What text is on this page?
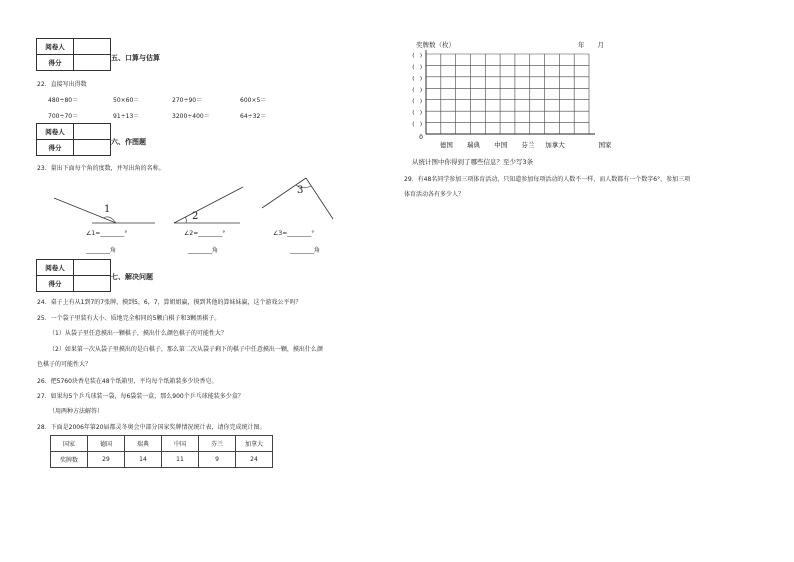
阅卷人	
得分	
五、口算与估算
22．直接写出得数
480÷80＝	50×60＝	270÷90＝	600×5＝
700÷70＝	91÷13＝	3200÷400＝	64÷32＝
阅卷人	
得分	
六、作图题
23．量出下面每个角的度数，并写出角的名称。
1
2
3
∠1=________°	∠2=________°	∠3=________°
________角	________角	________角
阅卷人	
得分	
七、解决问题
24．桌子上有从1到7的7张牌，摸到5，6，7，算姐姐赢，摸到其他的算妹妹赢，这个游戏公平吗？
25．一个袋子里装有大小、质地完全相同的5颗白棋子和3颗黑棋子。
（1）从袋子里任意摸出一颗棋子，摸出什么颜色棋子的可能性大？
（2）如果第一次从袋子里摸出的是白棋子，那么第二次从袋子剩下的棋子中任意摸出一颗，摸出什么颜
色棋子的可能性大？
26．把5760块香皂装在48个纸箱里，平均每个纸箱装多少块香皂。
27．如果每5个乒乓球装一袋，每6袋装一盒，那么900个乒乓球能装多少盒？
（用两种方法解答）
28．下面是2006年第20届都灵冬奥会中部分国家奖牌情况统计表，请你完成统计图。
国家	德国	瑞典	中国	芬兰	加拿大
奖牌数	29	14	11	9	24
奖牌数（枚）	年　　月
(　)
(　)
(　)
(　)
(　)
(　)
(　)
德国 瑞典 中国 芬兰 加拿大
0
国家
从统计图中你得到了哪些信息？至少写3条
29．有48名同学参加三项体育活动，只知道参加每项活动的人数不一样，而人数都有一个数字6°，参加三项
体育活动各有多少人？
